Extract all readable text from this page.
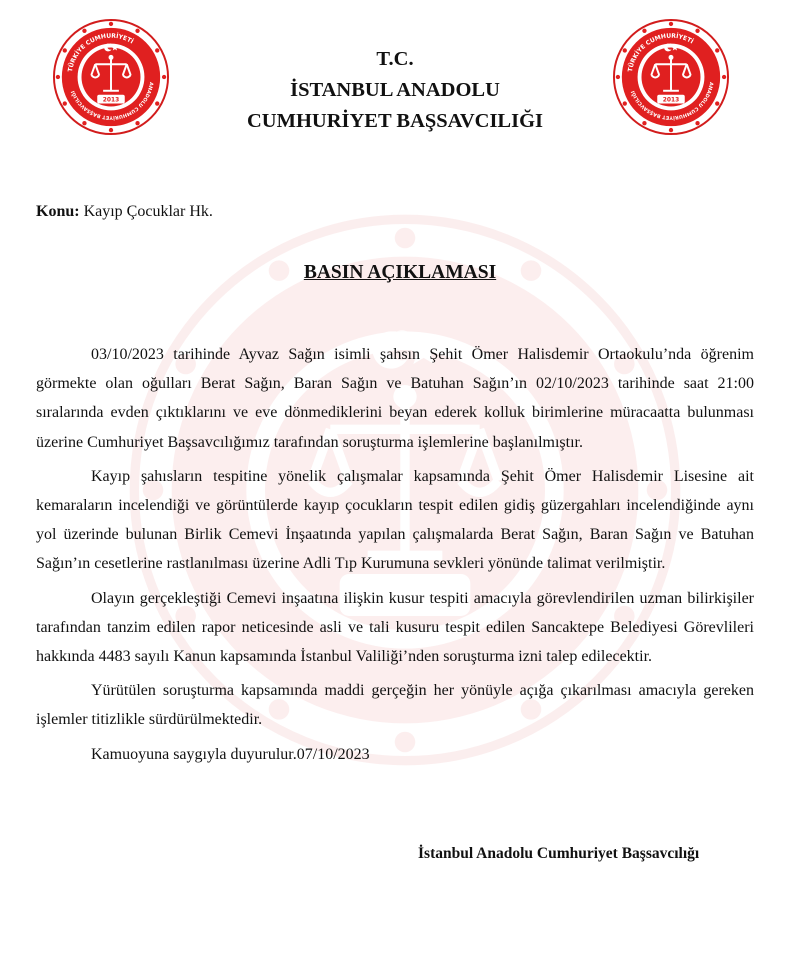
TÜRKİYE CUMHURİYETİ
ANADOLU CUMHURİYET BAŞSAVCILIĞI
2013
TÜRKİYE CUMHURİYETİ
ANADOLU CUMHURİYET BAŞSAVCILIĞI
2013
T.C.
İSTANBUL ANADOLU
CUMHURİYET BAŞSAVCILIĞI
Konu: Kayıp Çocuklar Hk.
BASIN AÇIKLAMASI

03/10/2023 tarihinde Ayvaz Sağın isimli şahsın Şehit Ömer Halisdemir Ortaokulu’nda öğrenim görmekte olan oğulları Berat Sağın, Baran Sağın ve Batuhan Sağın’ın 02/10/2023 tarihinde saat 21:00 sıralarında evden çıktıklarını ve eve dönmediklerini beyan ederek kolluk birimlerine müracaatta bulunması üzerine Cumhuriyet Başsavcılığımız tarafından soruşturma işlemlerine başlanılmıştır.

Kayıp şahısların tespitine yönelik çalışmalar kapsamında Şehit Ömer Halisdemir Lisesine ait kemaraların incelendiği ve görüntülerde kayıp çocukların tespit edilen gidiş güzergahları incelendiğinde aynı yol üzerinde bulunan Birlik Cemevi İnşaatında yapılan çalışmalarda Berat Sağın, Baran Sağın ve Batuhan Sağın’ın cesetlerine rastlanılması üzerine Adli Tıp Kurumuna sevkleri yönünde talimat verilmiştir.

Olayın gerçekleştiği Cemevi inşaatına ilişkin kusur tespiti amacıyla görevlendirilen uzman bilirkişiler tarafından tanzim edilen rapor neticesinde asli ve tali kusuru tespit edilen Sancaktepe Belediyesi Görevlileri hakkında 4483 sayılı Kanun kapsamında İstanbul Valiliği’nden soruşturma izni talep edilecektir.

Yürütülen soruşturma kapsamında maddi gerçeğin her yönüyle açığa çıkarılması amacıyla gereken işlemler titizlikle sürdürülmektedir.

Kamuoyuna saygıyla duyurulur.07/10/2023

İstanbul Anadolu Cumhuriyet Başsavcılığı
